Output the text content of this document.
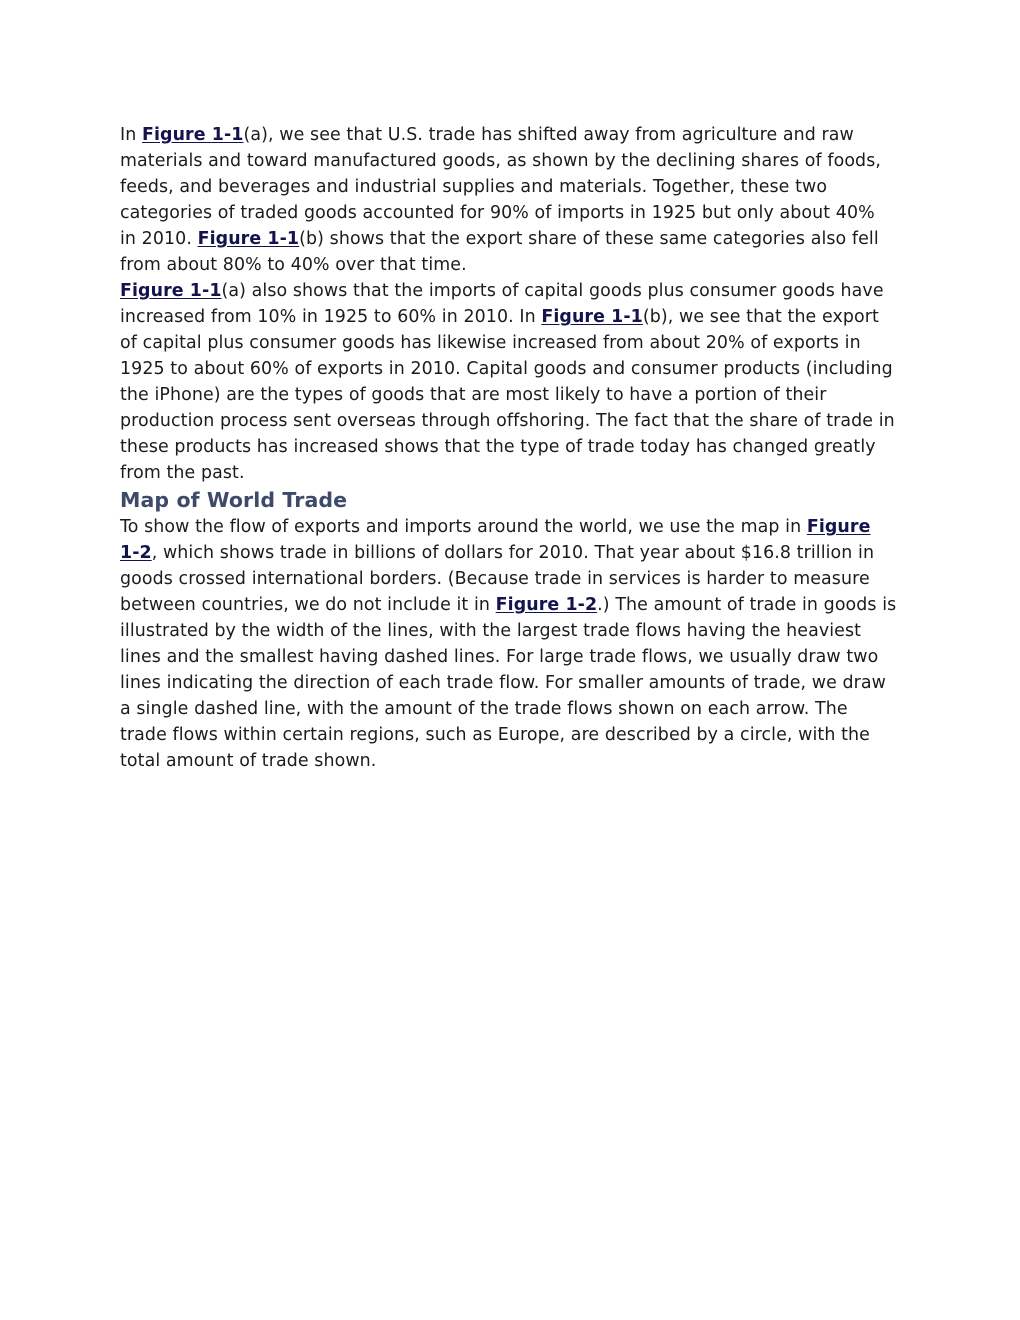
In Figure 1-1(a), we see that U.S. trade has shifted away from agriculture and raw
materials and toward manufactured goods, as shown by the declining shares of foods,
feeds, and beverages and industrial supplies and materials. Together, these two
categories of traded goods accounted for 90% of imports in 1925 but only about 40%
in 2010. Figure 1-1(b) shows that the export share of these same categories also fell
from about 80% to 40% over that time.

Figure 1-1(a) also shows that the imports of capital goods plus consumer goods have
increased from 10% in 1925 to 60% in 2010. In Figure 1-1(b), we see that the export
of capital plus consumer goods has likewise increased from about 20% of exports in
1925 to about 60% of exports in 2010. Capital goods and consumer products (including
the iPhone) are the types of goods that are most likely to have a portion of their
production process sent overseas through offshoring. The fact that the share of trade in
these products has increased shows that the type of trade today has changed greatly
from the past.

Map of World Trade

To show the flow of exports and imports around the world, we use the map in Figure
1-2, which shows trade in billions of dollars for 2010. That year about $16.8 trillion in
goods crossed international borders. (Because trade in services is harder to measure
between countries, we do not include it in Figure 1-2.) The amount of trade in goods is
illustrated by the width of the lines, with the largest trade flows having the heaviest
lines and the smallest having dashed lines. For large trade flows, we usually draw two
lines indicating the direction of each trade flow. For smaller amounts of trade, we draw
a single dashed line, with the amount of the trade flows shown on each arrow. The
trade flows within certain regions, such as Europe, are described by a circle, with the
total amount of trade shown.
